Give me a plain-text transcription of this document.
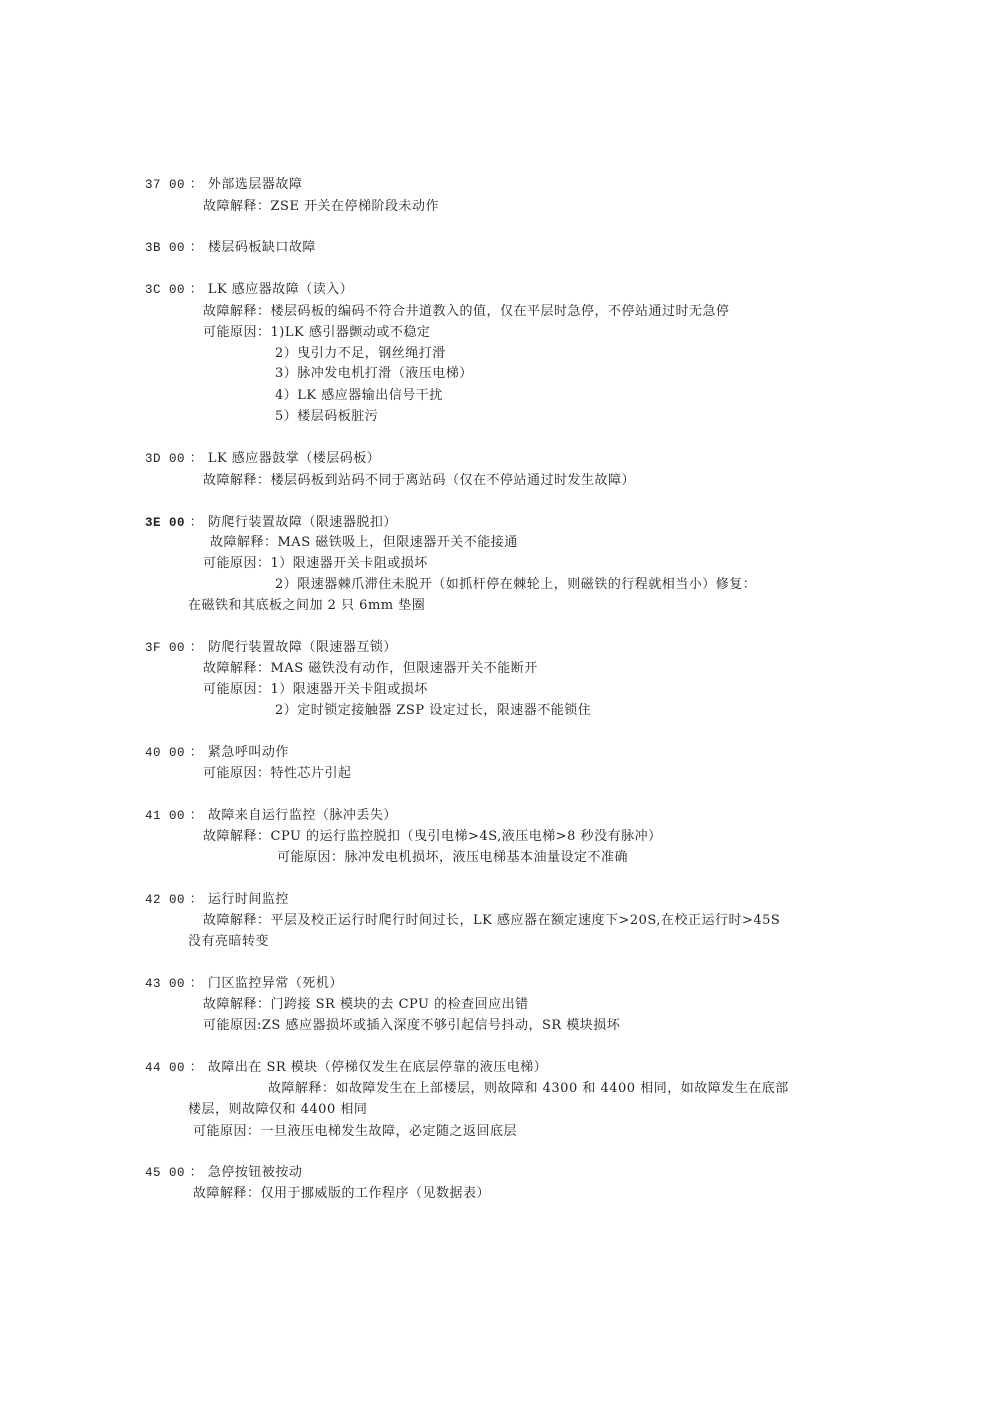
37 00 ： 外部选层器故障
故障解释：ZSE 开关在停梯阶段未动作
3B 00 ： 楼层码板缺口故障
3C 00 ： LK 感应器故障（读入）
故障解释：楼层码板的编码不符合井道教入的值，仅在平层时急停，不停站通过时无急停
可能原因：1)LK 感引器颤动或不稳定
2）曳引力不足，钢丝绳打滑
3）脉冲发电机打滑（液压电梯）
4）LK 感应器输出信号干扰
5）楼层码板脏污
3D 00 ： LK 感应器鼓掌（楼层码板）
故障解释：楼层码板到站码不同于离站码（仅在不停站通过时发生故障）
3E 00 ： 防爬行装置故障（限速器脱扣）
故障解释：MAS 磁铁吸上，但限速器开关不能接通
可能原因：1）限速器开关卡阻或损坏
2）限速器棘爪滞住未脱开（如抓杆停在棘轮上，则磁铁的行程就相当小）修复：
在磁铁和其底板之间加 2 只 6mm 垫圈
3F 00 ： 防爬行装置故障（限速器互锁）
故障解释：MAS 磁铁没有动作，但限速器开关不能断开
可能原因：1）限速器开关卡阻或损坏
2）定时锁定接触器 ZSP 设定过长，限速器不能锁住
40 00 ： 紧急呼叫动作
可能原因：特性芯片引起
41 00 ： 故障来自运行监控（脉冲丢失）
故障解释：CPU 的运行监控脱扣（曳引电梯>4S,液压电梯>8 秒没有脉冲）
可能原因：脉冲发电机损坏，液压电梯基本油量设定不准确
42 00 ： 运行时间监控
故障解释：平层及校正运行时爬行时间过长，LK 感应器在额定速度下>20S,在校正运行时>45S
没有亮暗转变
43 00 ： 门区监控异常（死机）
故障解释：门跨接 SR 模块的去 CPU 的检查回应出错
可能原因:ZS 感应器损坏或插入深度不够引起信号抖动，SR 模块损坏
44 00 ： 故障出在 SR 模块（停梯仅发生在底层停靠的液压电梯）
故障解释：如故障发生在上部楼层，则故障和 4300 和 4400 相同，如故障发生在底部
楼层，则故障仅和 4400 相同
可能原因：一旦液压电梯发生故障，必定随之返回底层
45 00 ： 急停按钮被按动
故障解释：仅用于挪威版的工作程序（见数据表）
